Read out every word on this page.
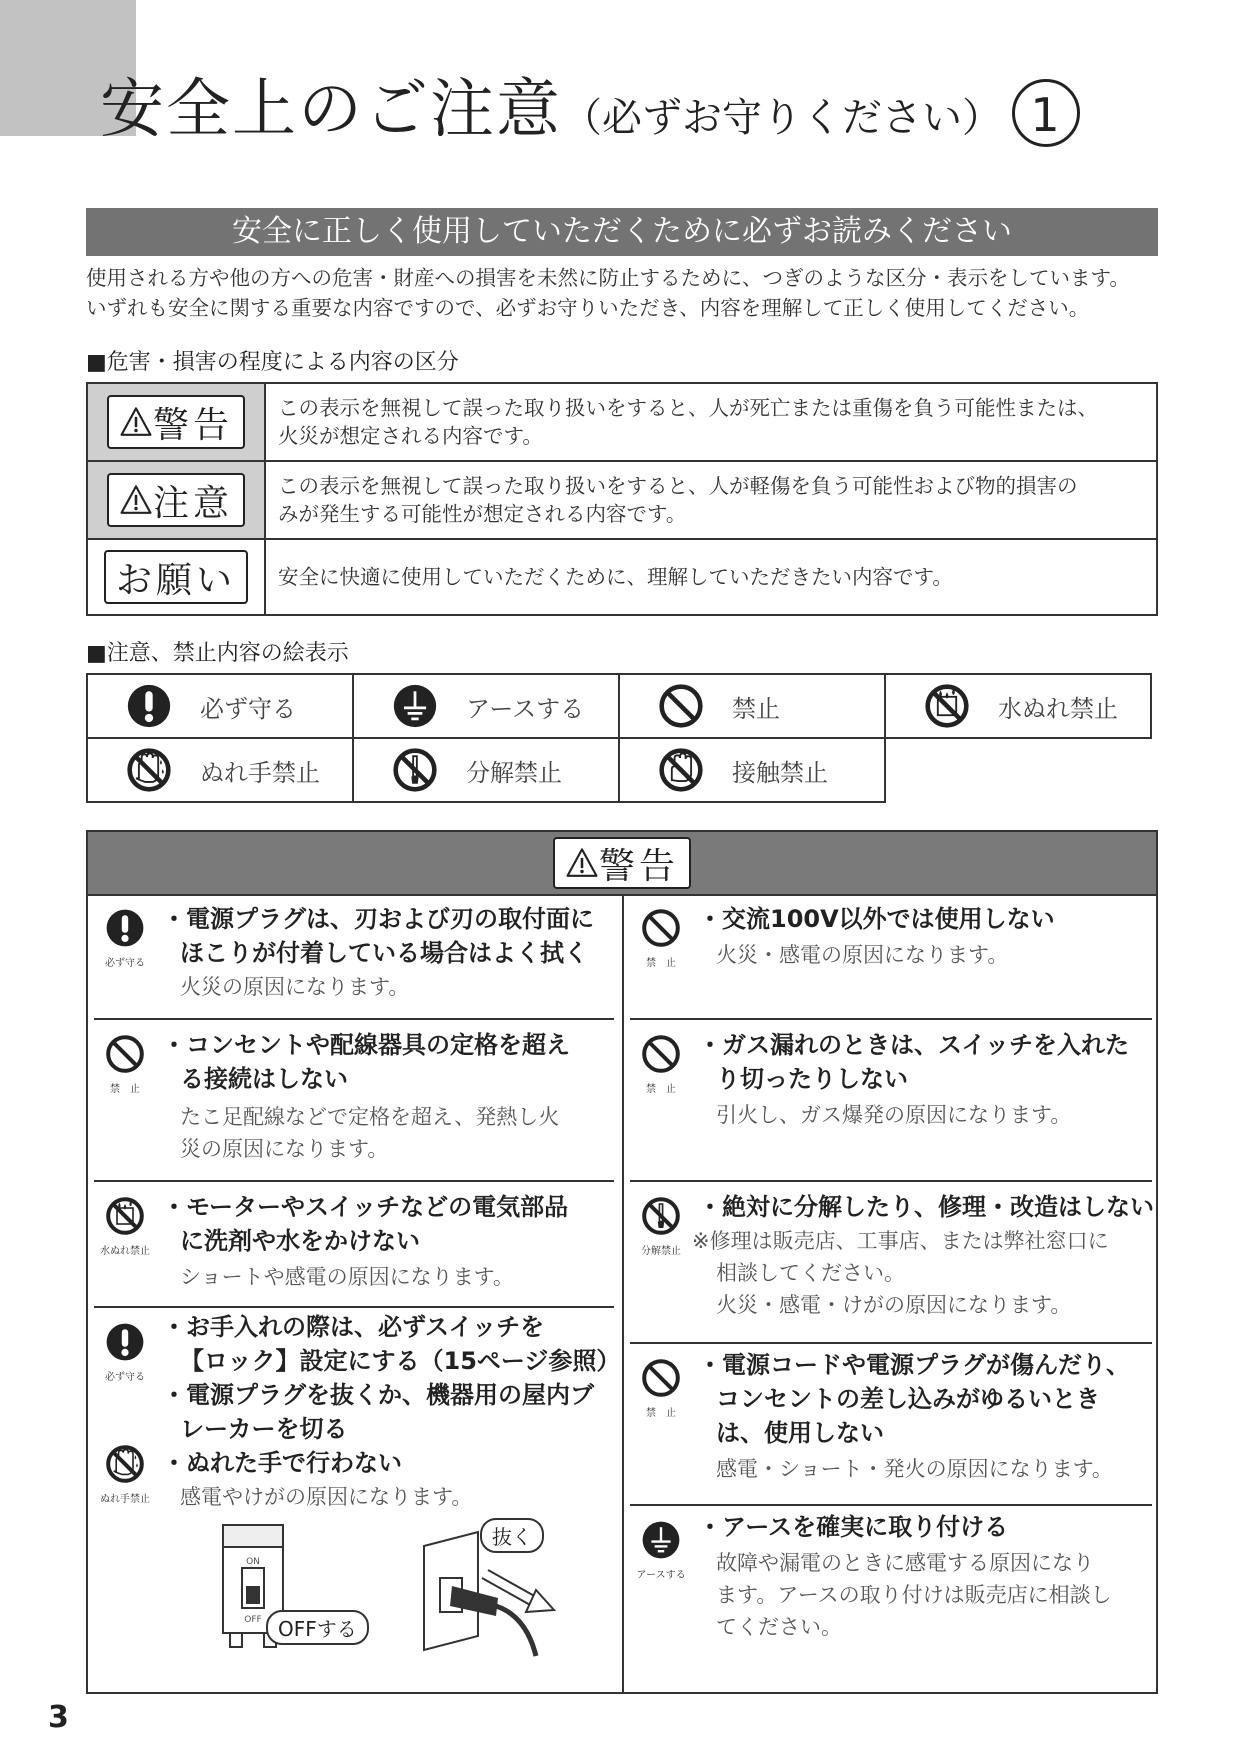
安全上のご注意（必ずお守りください） 1
安全に正しく使用していただくために必ずお読みください
使用される方や他の方への危害・財産への損害を未然に防止するために、つぎのような区分・表示をしています。
いずれも安全に関する重要な内容ですので、必ずお守りいただき、内容を理解して正しく使用してください。
■危害・損害の程度による内容の区分
警告 この表示を無視して誤った取り扱いをすると、人が死亡または重傷を負う可能性または、
火災が想定される内容です。
注意 この表示を無視して誤った取り扱いをすると、人が軽傷を負う可能性および物的損害の
みが発生する可能性が想定される内容です。
お願い 安全に快適に使用していただくために、理解していただきたい内容です。
■注意、禁止内容の絵表示
必ず守る	アースする	禁止	水ぬれ禁止

ぬれ手禁止	分解禁止	接触禁止	

警告
必ず守る
・電源プラグは、刃および刃の取付面に
ほこりが付着している場合はよく拭く
火災の原因になります。
禁　止
・コンセントや配線器具の定格を超え
る接続はしない
たこ足配線などで定格を超え、発熱し火
災の原因になります。
水ぬれ禁止
・モーターやスイッチなどの電気部品
に洗剤や水をかけない
ショートや感電の原因になります。
必ず守る
・お手入れの際は、必ずスイッチを
【ロック】設定にする（15ページ参照）
・電源プラグを抜くか、機器用の屋内ブ
レーカーを切る
ぬれ手禁止
・ぬれた手で行わない
感電やけがの原因になります。
ON
OFF OFFする
抜く
禁　止
・交流100V以外では使用しない
火災・感電の原因になります。
禁　止
・ガス漏れのときは、スイッチを入れた
り切ったりしない
引火し、ガス爆発の原因になります。
分解禁止
・絶対に分解したり、修理・改造はしない
※修理は販売店、工事店、または弊社窓口に
相談してください。
火災・感電・けがの原因になります。
禁　止
・電源コードや電源プラグが傷んだり、
コンセントの差し込みがゆるいとき
は、使用しない
感電・ショート・発火の原因になります。
アースする
・アースを確実に取り付ける
故障や漏電のときに感電する原因になり
ます。アースの取り付けは販売店に相談し
てください。
3
